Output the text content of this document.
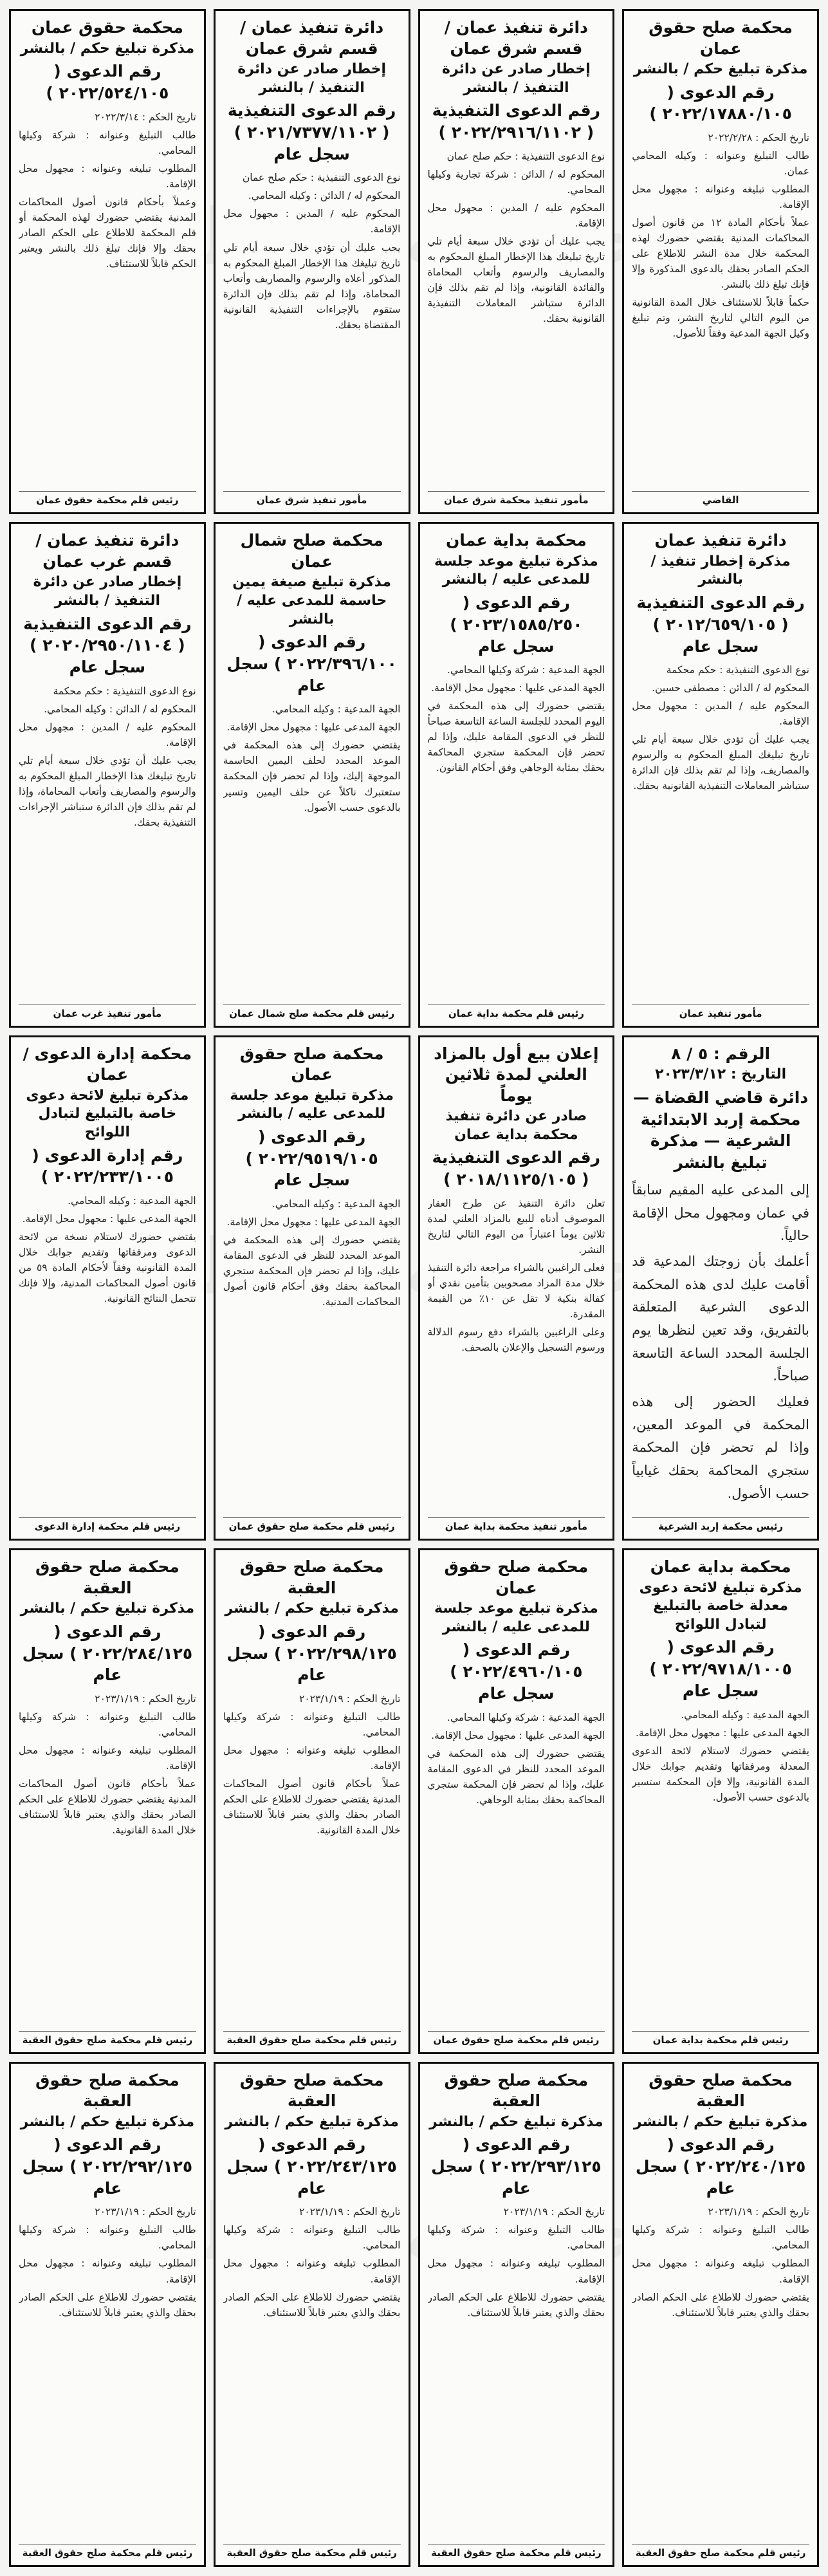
محكمة صلح حقوق عمان
مذكرة تبليغ حكم / بالنشر
رقم الدعوى ( ٢٠٢٢/١٧٨٨٠/١٠٥ )

تاريخ الحكم : ٢٠٢٢/٢/٢٨

طالب التبليغ وعنوانه : وكيله المحامي عمان.

المطلوب تبليغه وعنوانه : مجهول محل الإقامة.

عملاً بأحكام المادة ١٢ من قانون أصول المحاكمات المدنية يقتضي حضورك لهذه المحكمة خلال مدة النشر للاطلاع على الحكم الصادر بحقك بالدعوى المذكورة وإلا فإنك تبلغ ذلك بالنشر.

حكماً قابلاً للاستئناف خلال المدة القانونية من اليوم التالي لتاريخ النشر، وتم تبليغ وكيل الجهة المدعية وفقاً للأصول.

القاضي
دائرة تنفيذ عمان / قسم شرق عمان
إخطار صادر عن دائرة التنفيذ / بالنشر
رقم الدعوى التنفيذية ( ٢٠٢٢/٢٩١٦/١١٠٢ )

نوع الدعوى التنفيذية : حكم صلح عمان

المحكوم له / الدائن : شركة تجارية وكيلها المحامي.

المحكوم عليه / المدين : مجهول محل الإقامة.

يجب عليك أن تؤدي خلال سبعة أيام تلي تاريخ تبليغك هذا الإخطار المبلغ المحكوم به والمصاريف والرسوم وأتعاب المحاماة والفائدة القانونية، وإذا لم تقم بذلك فإن الدائرة ستباشر المعاملات التنفيذية القانونية بحقك.

مأمور تنفيذ محكمة شرق عمان
دائرة تنفيذ عمان / قسم شرق عمان
إخطار صادر عن دائرة التنفيذ / بالنشر
رقم الدعوى التنفيذية ( ٢٠٢١/٧٣٧٧/١١٠٢ ) سجل عام

نوع الدعوى التنفيذية : حكم صلح عمان

المحكوم له / الدائن : وكيله المحامي.

المحكوم عليه / المدين : مجهول محل الإقامة.

يجب عليك أن تؤدي خلال سبعة أيام تلي تاريخ تبليغك هذا الإخطار المبلغ المحكوم به المذكور أعلاه والرسوم والمصاريف وأتعاب المحاماة، وإذا لم تقم بذلك فإن الدائرة ستقوم بالإجراءات التنفيذية القانونية المقتضاة بحقك.

مأمور تنفيذ شرق عمان
محكمة حقوق عمان
مذكرة تبليغ حكم / بالنشر
رقم الدعوى ( ٢٠٢٢/٥٢٤/١٠٥ )

تاريخ الحكم : ٢٠٢٢/٣/١٤

طالب التبليغ وعنوانه : شركة وكيلها المحامي.

المطلوب تبليغه وعنوانه : مجهول محل الإقامة.

وعملاً بأحكام قانون أصول المحاكمات المدنية يقتضي حضورك لهذه المحكمة أو قلم المحكمة للاطلاع على الحكم الصادر بحقك وإلا فإنك تبلغ ذلك بالنشر ويعتبر الحكم قابلاً للاستئناف.

رئيس قلم محكمة حقوق عمان
دائرة تنفيذ عمان
مذكرة إخطار تنفيذ / بالنشر
رقم الدعوى التنفيذية ( ٢٠١٢/٦٥٩/١٠٥ ) سجل عام

نوع الدعوى التنفيذية : حكم محكمة

المحكوم له / الدائن : مصطفى حسين.

المحكوم عليه / المدين : مجهول محل الإقامة.

يجب عليك أن تؤدي خلال سبعة أيام تلي تاريخ تبليغك المبلغ المحكوم به والرسوم والمصاريف، وإذا لم تقم بذلك فإن الدائرة ستباشر المعاملات التنفيذية القانونية بحقك.

مأمور تنفيذ عمان
محكمة بداية عمان
مذكرة تبليغ موعد جلسة للمدعى عليه / بالنشر
رقم الدعوى ( ٢٠٢٣/١٥٨٥/٢٥٠ ) سجل عام

الجهة المدعية : شركة وكيلها المحامي.

الجهة المدعى عليها : مجهول محل الإقامة.

يقتضي حضورك إلى هذه المحكمة في اليوم المحدد للجلسة الساعة التاسعة صباحاً للنظر في الدعوى المقامة عليك، وإذا لم تحضر فإن المحكمة ستجري المحاكمة بحقك بمثابة الوجاهي وفق أحكام القانون.

رئيس قلم محكمة بداية عمان
محكمة صلح شمال عمان
مذكرة تبليغ صيغة يمين حاسمة للمدعى عليه / بالنشر
رقم الدعوى ( ٢٠٢٢/٣٩٦/١٠٠ ) سجل عام

الجهة المدعية : وكيله المحامي.

الجهة المدعى عليها : مجهول محل الإقامة.

يقتضي حضورك إلى هذه المحكمة في الموعد المحدد لحلف اليمين الحاسمة الموجهة إليك، وإذا لم تحضر فإن المحكمة ستعتبرك ناكلاً عن حلف اليمين وتسير بالدعوى حسب الأصول.

رئيس قلم محكمة صلح شمال عمان
دائرة تنفيذ عمان / قسم غرب عمان
إخطار صادر عن دائرة التنفيذ / بالنشر
رقم الدعوى التنفيذية ( ٢٠٢٠/٢٩٥٠/١١٠٤ ) سجل عام

نوع الدعوى التنفيذية : حكم محكمة

المحكوم له / الدائن : وكيله المحامي.

المحكوم عليه / المدين : مجهول محل الإقامة.

يجب عليك أن تؤدي خلال سبعة أيام تلي تاريخ تبليغك هذا الإخطار المبلغ المحكوم به والرسوم والمصاريف وأتعاب المحاماة، وإذا لم تقم بذلك فإن الدائرة ستباشر الإجراءات التنفيذية بحقك.

مأمور تنفيذ غرب عمان
الرقم : ٥ / ٨
التاريخ : ٢٠٢٣/٣/١٢
دائرة قاضي القضاة — محكمة إربد الابتدائية الشرعية — مذكرة تبليغ بالنشر

إلى المدعى عليه المقيم سابقاً في عمان ومجهول محل الإقامة حالياً.

أعلمك بأن زوجتك المدعية قد أقامت عليك لدى هذه المحكمة الدعوى الشرعية المتعلقة بالتفريق، وقد تعين لنظرها يوم الجلسة المحدد الساعة التاسعة صباحاً.

فعليك الحضور إلى هذه المحكمة في الموعد المعين، وإذا لم تحضر فإن المحكمة ستجري المحاكمة بحقك غيابياً حسب الأصول.

رئيس محكمة إربد الشرعية
إعلان بيع أول بالمزاد العلني لمدة ثلاثين يوماً
صادر عن دائرة تنفيذ محكمة بداية عمان
رقم الدعوى التنفيذية ( ٢٠١٨/١١٢٥/١٠٥ )

تعلن دائرة التنفيذ عن طرح العقار الموصوف أدناه للبيع بالمزاد العلني لمدة ثلاثين يوماً اعتباراً من اليوم التالي لتاريخ النشر.

فعلى الراغبين بالشراء مراجعة دائرة التنفيذ خلال مدة المزاد مصحوبين بتأمين نقدي أو كفالة بنكية لا تقل عن ١٠٪ من القيمة المقدرة.

وعلى الراغبين بالشراء دفع رسوم الدلالة ورسوم التسجيل والإعلان بالصحف.

مأمور تنفيذ محكمة بداية عمان
محكمة صلح حقوق عمان
مذكرة تبليغ موعد جلسة للمدعى عليه / بالنشر
رقم الدعوى ( ٢٠٢٢/٩٥١٩/١٠٥ ) سجل عام

الجهة المدعية : وكيله المحامي.

الجهة المدعى عليها : مجهول محل الإقامة.

يقتضي حضورك إلى هذه المحكمة في الموعد المحدد للنظر في الدعوى المقامة عليك، وإذا لم تحضر فإن المحكمة ستجري المحاكمة بحقك وفق أحكام قانون أصول المحاكمات المدنية.

رئيس قلم محكمة صلح حقوق عمان
محكمة إدارة الدعوى / عمان
مذكرة تبليغ لائحة دعوى خاصة بالتبليغ لتبادل اللوائح
رقم إدارة الدعوى ( ٢٠٢٢/٢٣٣/١٠٠٥ )

الجهة المدعية : وكيله المحامي.

الجهة المدعى عليها : مجهول محل الإقامة.

يقتضي حضورك لاستلام نسخة من لائحة الدعوى ومرفقاتها وتقديم جوابك خلال المدة القانونية وفقاً لأحكام المادة ٥٩ من قانون أصول المحاكمات المدنية، وإلا فإنك تتحمل النتائج القانونية.

رئيس قلم محكمة إدارة الدعوى
محكمة بداية عمان
مذكرة تبليغ لائحة دعوى معدلة خاصة بالتبليغ لتبادل اللوائح
رقم الدعوى ( ٢٠٢٢/٩٧١٨/١٠٠٥ ) سجل عام

الجهة المدعية : وكيله المحامي.

الجهة المدعى عليها : مجهول محل الإقامة.

يقتضي حضورك لاستلام لائحة الدعوى المعدلة ومرفقاتها وتقديم جوابك خلال المدة القانونية، وإلا فإن المحكمة ستسير بالدعوى حسب الأصول.

رئيس قلم محكمة بداية عمان
محكمة صلح حقوق عمان
مذكرة تبليغ موعد جلسة للمدعى عليه / بالنشر
رقم الدعوى ( ٢٠٢٢/٤٩٦٠/١٠٥ ) سجل عام

الجهة المدعية : شركة وكيلها المحامي.

الجهة المدعى عليها : مجهول محل الإقامة.

يقتضي حضورك إلى هذه المحكمة في الموعد المحدد للنظر في الدعوى المقامة عليك، وإذا لم تحضر فإن المحكمة ستجري المحاكمة بحقك بمثابة الوجاهي.

رئيس قلم محكمة صلح حقوق عمان
محكمة صلح حقوق العقبة
مذكرة تبليغ حكم / بالنشر
رقم الدعوى ( ٢٠٢٢/٢٩٨/١٢٥ ) سجل عام

تاريخ الحكم : ٢٠٢٣/١/١٩

طالب التبليغ وعنوانه : شركة وكيلها المحامي.

المطلوب تبليغه وعنوانه : مجهول محل الإقامة.

عملاً بأحكام قانون أصول المحاكمات المدنية يقتضي حضورك للاطلاع على الحكم الصادر بحقك والذي يعتبر قابلاً للاستئناف خلال المدة القانونية.

رئيس قلم محكمة صلح حقوق العقبة
محكمة صلح حقوق العقبة
مذكرة تبليغ حكم / بالنشر
رقم الدعوى ( ٢٠٢٢/٢٨٤/١٢٥ ) سجل عام

تاريخ الحكم : ٢٠٢٣/١/١٩

طالب التبليغ وعنوانه : شركة وكيلها المحامي.

المطلوب تبليغه وعنوانه : مجهول محل الإقامة.

عملاً بأحكام قانون أصول المحاكمات المدنية يقتضي حضورك للاطلاع على الحكم الصادر بحقك والذي يعتبر قابلاً للاستئناف خلال المدة القانونية.

رئيس قلم محكمة صلح حقوق العقبة
محكمة صلح حقوق العقبة
مذكرة تبليغ حكم / بالنشر
رقم الدعوى ( ٢٠٢٢/٢٤٠/١٢٥ ) سجل عام

تاريخ الحكم : ٢٠٢٣/١/١٩

طالب التبليغ وعنوانه : شركة وكيلها المحامي.

المطلوب تبليغه وعنوانه : مجهول محل الإقامة.

يقتضي حضورك للاطلاع على الحكم الصادر بحقك والذي يعتبر قابلاً للاستئناف.

رئيس قلم محكمة صلح حقوق العقبة
محكمة صلح حقوق العقبة
مذكرة تبليغ حكم / بالنشر
رقم الدعوى ( ٢٠٢٢/٢٩٣/١٢٥ ) سجل عام

تاريخ الحكم : ٢٠٢٣/١/١٩

طالب التبليغ وعنوانه : شركة وكيلها المحامي.

المطلوب تبليغه وعنوانه : مجهول محل الإقامة.

يقتضي حضورك للاطلاع على الحكم الصادر بحقك والذي يعتبر قابلاً للاستئناف.

رئيس قلم محكمة صلح حقوق العقبة
محكمة صلح حقوق العقبة
مذكرة تبليغ حكم / بالنشر
رقم الدعوى ( ٢٠٢٢/٢٤٣/١٢٥ ) سجل عام

تاريخ الحكم : ٢٠٢٣/١/١٩

طالب التبليغ وعنوانه : شركة وكيلها المحامي.

المطلوب تبليغه وعنوانه : مجهول محل الإقامة.

يقتضي حضورك للاطلاع على الحكم الصادر بحقك والذي يعتبر قابلاً للاستئناف.

رئيس قلم محكمة صلح حقوق العقبة
محكمة صلح حقوق العقبة
مذكرة تبليغ حكم / بالنشر
رقم الدعوى ( ٢٠٢٢/٢٩٢/١٢٥ ) سجل عام

تاريخ الحكم : ٢٠٢٣/١/١٩

طالب التبليغ وعنوانه : شركة وكيلها المحامي.

المطلوب تبليغه وعنوانه : مجهول محل الإقامة.

يقتضي حضورك للاطلاع على الحكم الصادر بحقك والذي يعتبر قابلاً للاستئناف.

رئيس قلم محكمة صلح حقوق العقبة
